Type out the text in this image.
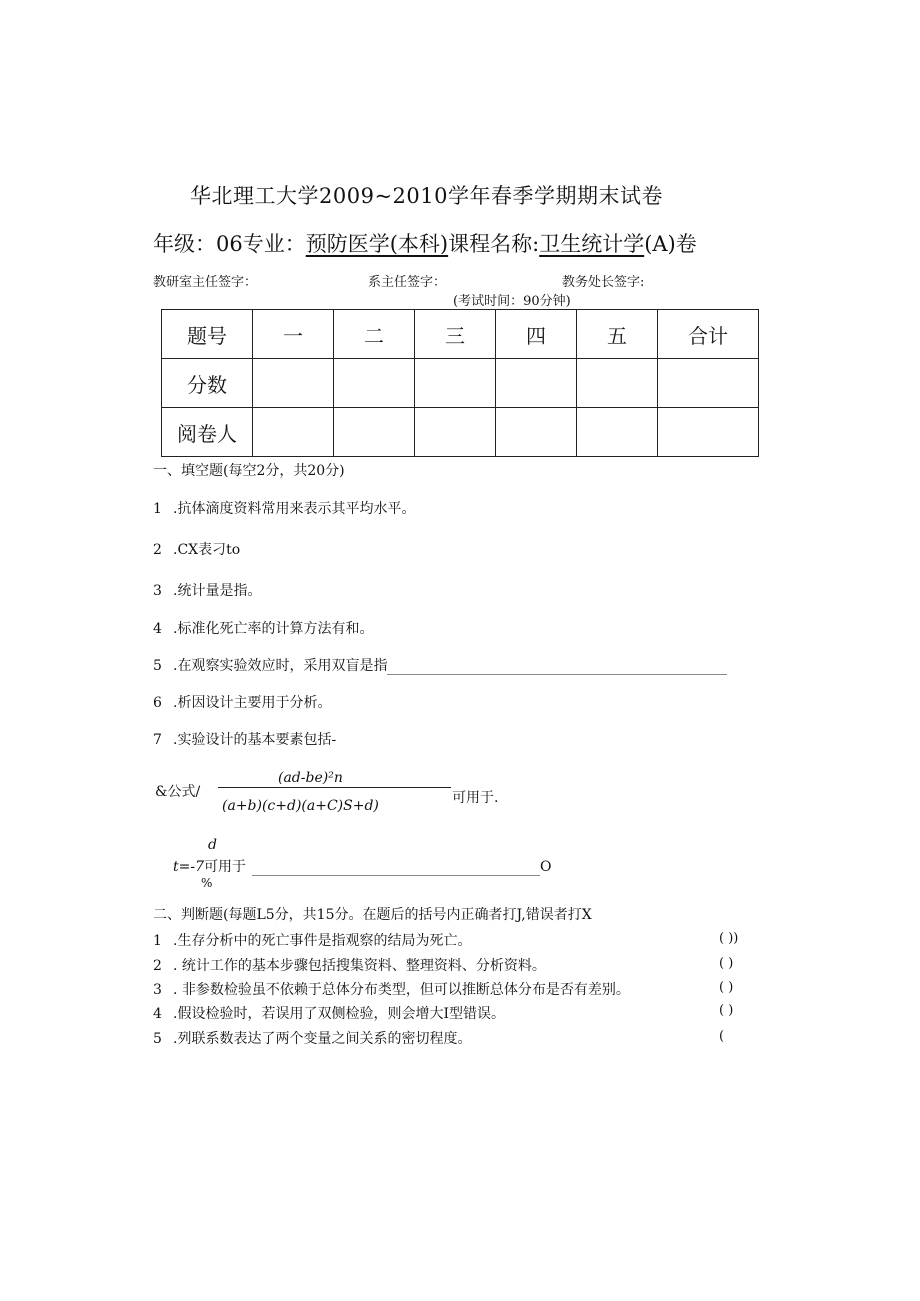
华北理工大学2009~2010学年春季学期期末试卷
年级：06专业：预防医学(本科)课程名称:卫生统计学(A)卷
教研室主任签字：	系主任签字：	教务处长签字:
(考试时间：90分钟)
题号	一	二	三	四	五	合计
分数						
阅卷人						
一、填空题(每空2分，共20分)
1 .抗体滴度资料常用来表示其平均水平。
2 .CX表刁to
3 .统计量是指。
4 .标准化死亡率的计算方法有和。
5 .在观察实验效应时，采用双盲是指
6 .析因设计主要用于分析。
7 .实验设计的基本要素包括-
&公式/
(ad-be)²n
(a+b)(c+d)(a+C)S+d)	可用于.
d
t=-7可用于	O
%
二、判断题(每题L5分，共15分。在题后的括号内正确者打J,错误者打X
1 .生存分析中的死亡事件是指观察的结局为死亡。	( ))
2 . 统计工作的基本步骤包括搜集资料、整理资料、分析资料。	( )
3 . 非参数检验虽不依赖于总体分布类型，但可以推断总体分布是否有差别。	( )
4 .假设检验时，若误用了双侧检验，则会增大I型错误。	( )
5 .列联系数表达了两个变量之间关系的密切程度。	(
